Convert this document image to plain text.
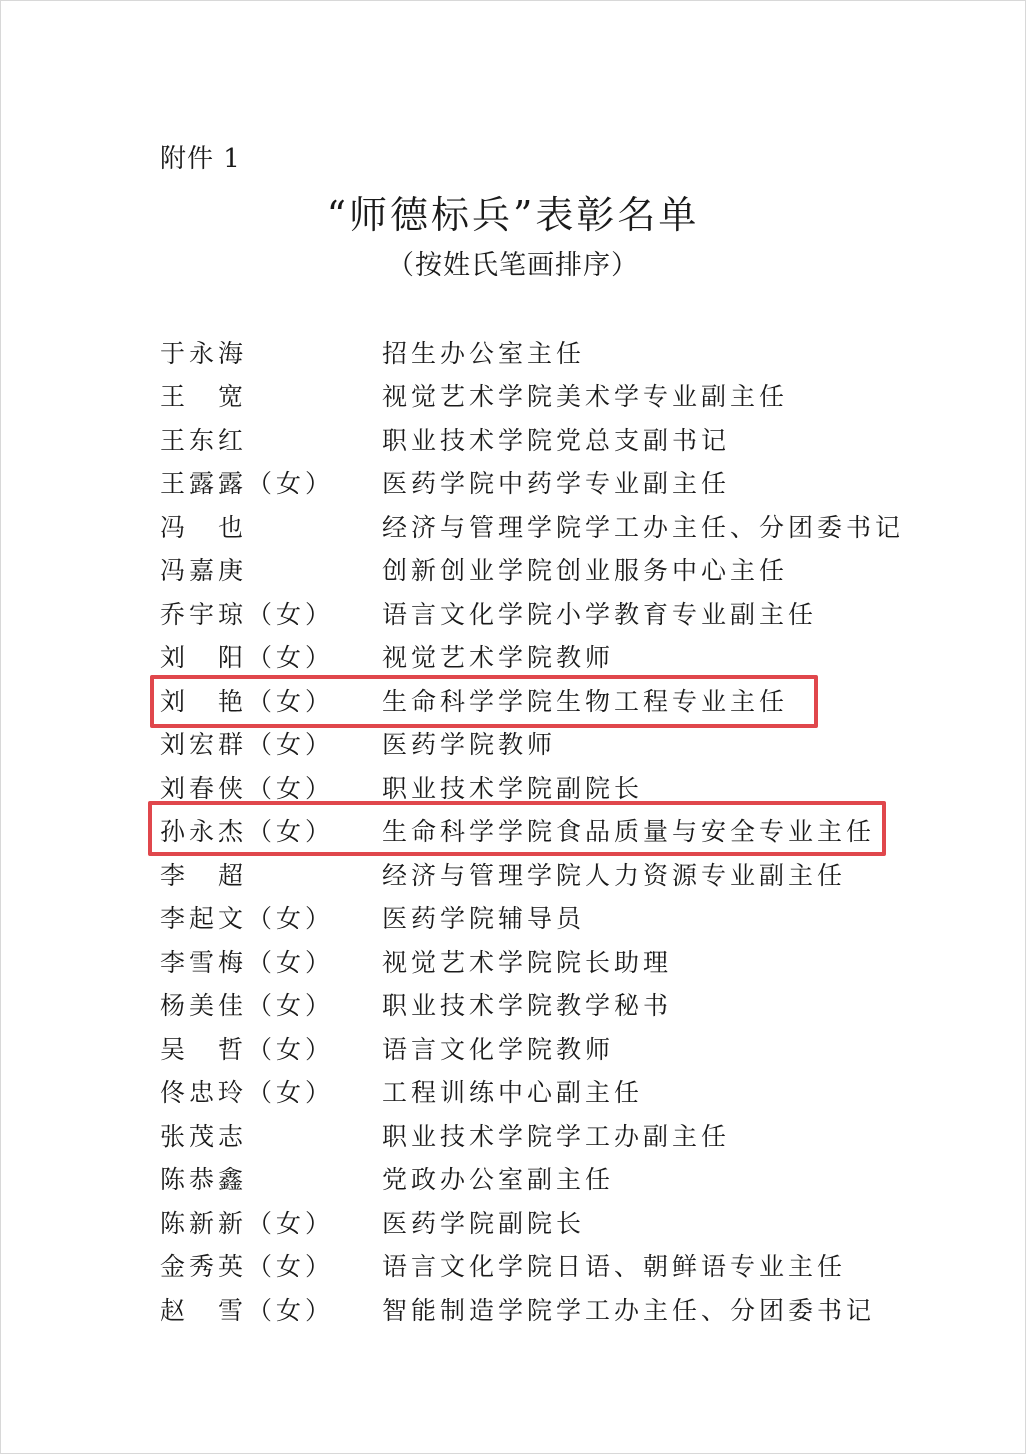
附件 1
“师德标兵”表彰名单
（按姓氏笔画排序）
于永海	招生办公室主任
王　宽	视觉艺术学院美术学专业副主任
王东红	职业技术学院党总支副书记
王露露（女）	医药学院中药学专业副主任
冯　也	经济与管理学院学工办主任、分团委书记
冯嘉庚	创新创业学院创业服务中心主任
乔宇琼（女）	语言文化学院小学教育专业副主任
刘　阳（女）	视觉艺术学院教师
刘　艳（女）	生命科学学院生物工程专业主任
刘宏群（女）	医药学院教师
刘春侠（女）	职业技术学院副院长
孙永杰（女）	生命科学学院食品质量与安全专业主任
李　超	经济与管理学院人力资源专业副主任
李起文（女）	医药学院辅导员
李雪梅（女）	视觉艺术学院院长助理
杨美佳（女）	职业技术学院教学秘书
吴　哲（女）	语言文化学院教师
佟忠玲（女）	工程训练中心副主任
张茂志	职业技术学院学工办副主任
陈恭鑫	党政办公室副主任
陈新新（女）	医药学院副院长
金秀英（女）	语言文化学院日语、朝鲜语专业主任
赵　雪（女）	智能制造学院学工办主任、分团委书记
